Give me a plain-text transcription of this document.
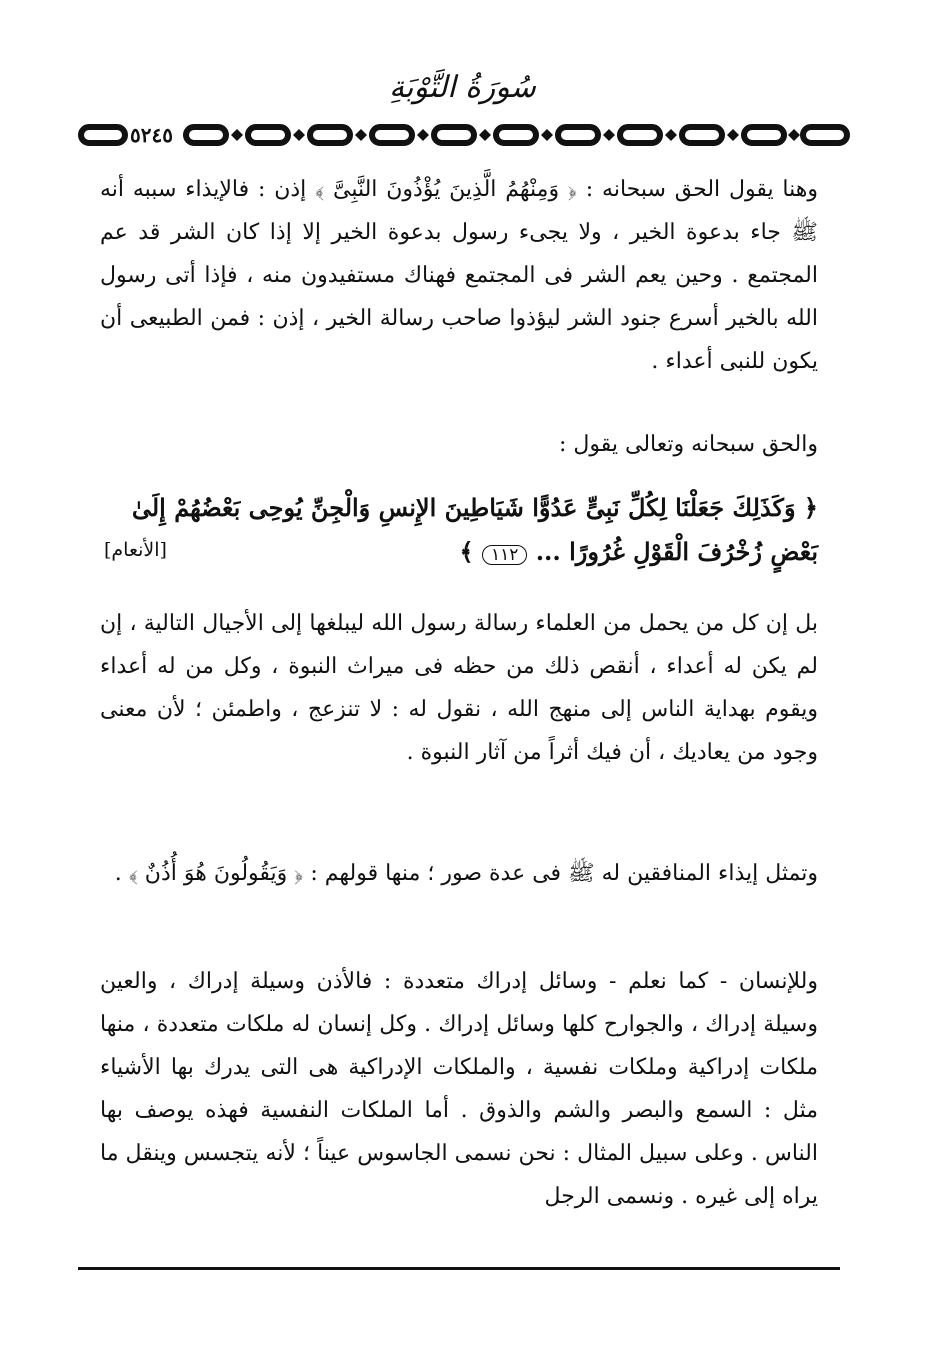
سُورَةُ التَّوْبَةِ
٥٢٤٥
وهنا يقول الحق سبحانه : ﴿ وَمِنْهُمُ الَّذِينَ يُؤْذُونَ النَّبِىَّ ﴾ إذن : فالإيذاء سببه أنه ﷺ جاء بدعوة الخير ، ولا يجىء رسول بدعوة الخير إلا إذا كان الشر قد عم المجتمع . وحين يعم الشر فى المجتمع فهناك مستفيدون منه ، فإذا أتى رسول الله بالخير أسرع جنود الشر ليؤذوا صاحب رسالة الخير ، إذن : فمن الطبيعى أن يكون للنبى أعداء .
والحق سبحانه وتعالى يقول :
﴿ وَكَذَلِكَ جَعَلْنَا لِكُلِّ نَبِىٍّ عَدُوًّا شَيَاطِينَ الإِنسِ وَالْجِنِّ يُوحِى بَعْضُهُمْ إِلَىٰ
بَعْضٍ زُخْرُفَ الْقَوْلِ غُرُورًا ... ١١٢ ﴾
[الأنعام]
بل إن كل من يحمل من العلماء رسالة رسول الله ليبلغها إلى الأجيال التالية ، إن لم يكن له أعداء ، أنقص ذلك من حظه فى ميراث النبوة ، وكل من له أعداء ويقوم بهداية الناس إلى منهج الله ، نقول له : لا تنزعج ، واطمئن ؛ لأن معنى وجود من يعاديك ، أن فيك أثراً من آثار النبوة .
وتمثل إيذاء المنافقين له ﷺ فى عدة صور ؛ منها قولهم : ﴿ وَيَقُولُونَ هُوَ أُذُنٌ ﴾ .
وللإنسان - كما نعلم - وسائل إدراك متعددة : فالأذن وسيلة إدراك ، والعين وسيلة إدراك ، والجوارح كلها وسائل إدراك . وكل إنسان له ملكات متعددة ، منها ملكات إدراكية وملكات نفسية ، والملكات الإدراكية هى التى يدرك بها الأشياء مثل : السمع والبصر والشم والذوق . أما الملكات النفسية فهذه يوصف بها الناس . وعلى سبيل المثال : نحن نسمى الجاسوس عيناً ؛ لأنه يتجسس وينقل ما يراه إلى غيره . ونسمى الرجل
